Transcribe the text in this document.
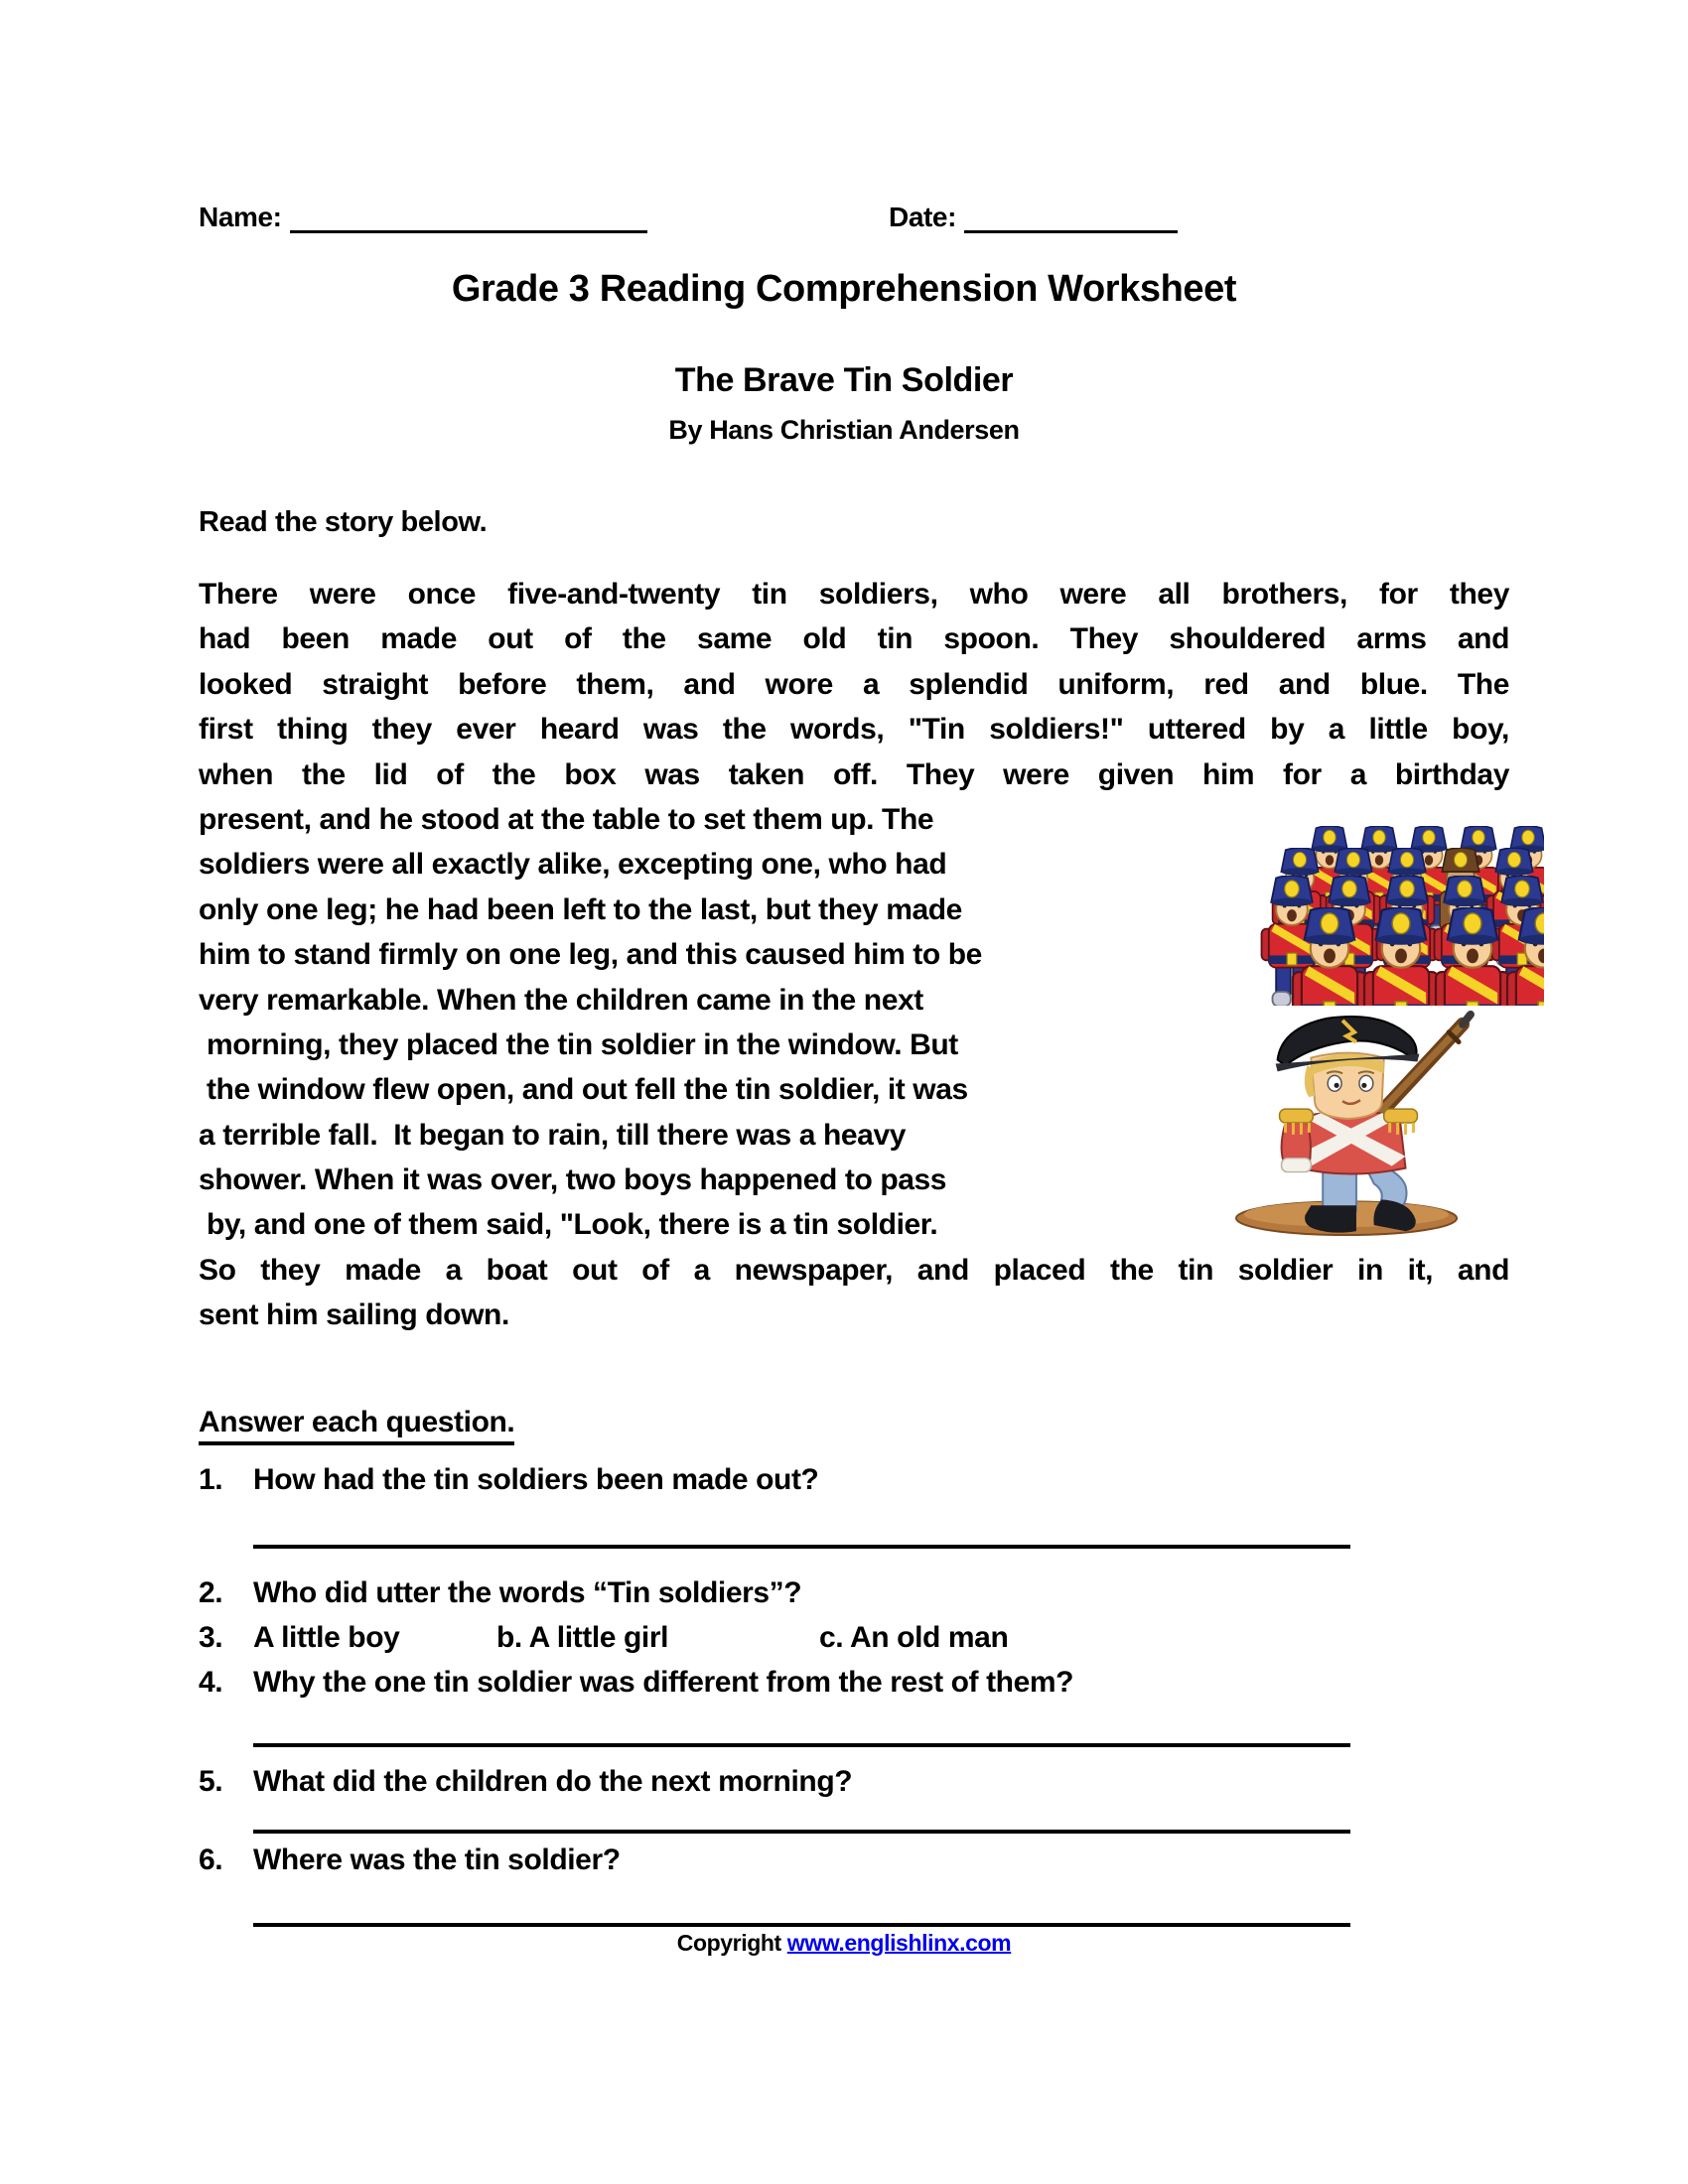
Name:	Date:
Grade 3 Reading Comprehension Worksheet
The Brave Tin Soldier
By Hans Christian Andersen
Read the story below.
There were once five-and-twenty tin soldiers, who were all brothers, for they
had been made out of the same old tin spoon. They shouldered arms and
looked straight before them, and wore a splendid uniform, red and blue. The
first thing they ever heard was the words, "Tin soldiers!" uttered by a little boy,
when the lid of the box was taken off. They were given him for a birthday
present, and he stood at the table to set them up. The
soldiers were all exactly alike, excepting one, who had
only one leg; he had been left to the last, but they made
him to stand firmly on one leg, and this caused him to be
very remarkable. When the children came in the next
morning, they placed the tin soldier in the window. But
the window flew open, and out fell the tin soldier, it was
a terrible fall.  It began to rain, till there was a heavy
shower. When it was over, two boys happened to pass
by, and one of them said, "Look, there is a tin soldier.
So they made a boat out of a newspaper, and placed the tin soldier in it, and
sent him sailing down.
Answer each question.
1.	How had the tin soldiers been made out?
2.	Who did utter the words “Tin soldiers”?
3.	A little boy	b. A little girl	c. An old man
4.	Why the one tin soldier was different from the rest of them?
5.	What did the children do the next morning?
6.	Where was the tin soldier?
Copyright www.englishlinx.com
